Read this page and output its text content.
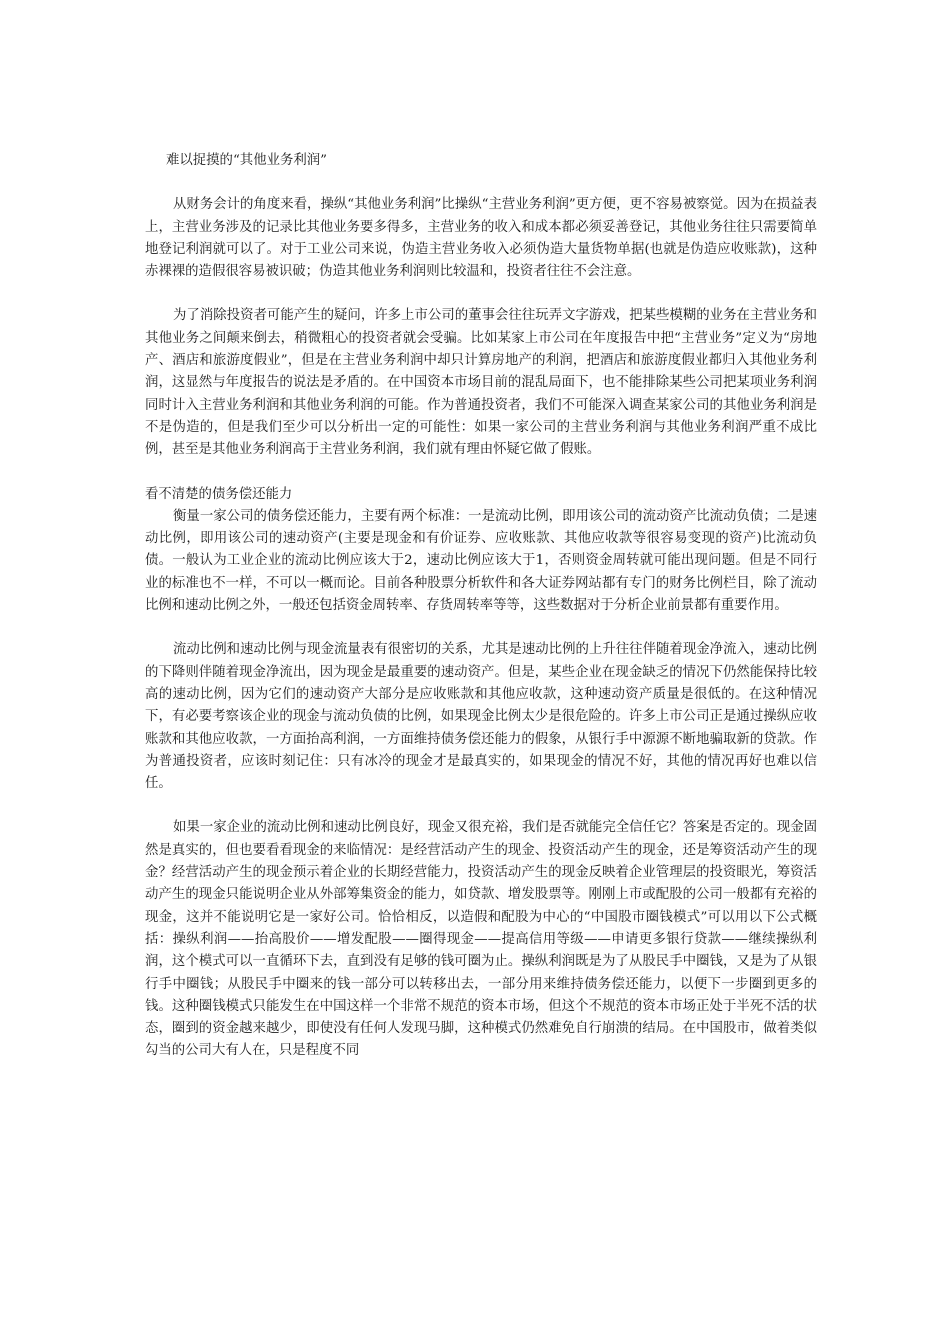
难以捉摸的“其他业务利润”

从财务会计的角度来看，操纵“其他业务利润”比操纵“主营业务利润”更方便，更不容易被察觉。因为在损益表上，主营业务涉及的记录比其他业务要多得多，主营业务的收入和成本都必须妥善登记，其他业务往往只需要简单地登记利润就可以了。对于工业公司来说，伪造主营业务收入必须伪造大量货物单据(也就是伪造应收账款)，这种赤裸裸的造假很容易被识破；伪造其他业务利润则比较温和，投资者往往不会注意。

为了消除投资者可能产生的疑问，许多上市公司的董事会往往玩弄文字游戏，把某些模糊的业务在主营业务和其他业务之间颠来倒去，稍微粗心的投资者就会受骗。比如某家上市公司在年度报告中把“主营业务”定义为“房地产、酒店和旅游度假业”，但是在主营业务利润中却只计算房地产的利润，把酒店和旅游度假业都归入其他业务利润，这显然与年度报告的说法是矛盾的。在中国资本市场目前的混乱局面下，也不能排除某些公司把某项业务利润同时计入主营业务利润和其他业务利润的可能。作为普通投资者，我们不可能深入调查某家公司的其他业务利润是不是伪造的，但是我们至少可以分析出一定的可能性：如果一家公司的主营业务利润与其他业务利润严重不成比例，甚至是其他业务利润高于主营业务利润，我们就有理由怀疑它做了假账。

看不清楚的债务偿还能力

衡量一家公司的债务偿还能力，主要有两个标准：一是流动比例，即用该公司的流动资产比流动负债；二是速动比例，即用该公司的速动资产(主要是现金和有价证券、应收账款、其他应收款等很容易变现的资产)比流动负债。一般认为工业企业的流动比例应该大于2，速动比例应该大于1，否则资金周转就可能出现问题。但是不同行业的标准也不一样，不可以一概而论。目前各种股票分析软件和各大证券网站都有专门的财务比例栏目，除了流动比例和速动比例之外，一般还包括资金周转率、存货周转率等等，这些数据对于分析企业前景都有重要作用。

流动比例和速动比例与现金流量表有很密切的关系，尤其是速动比例的上升往往伴随着现金净流入，速动比例的下降则伴随着现金净流出，因为现金是最重要的速动资产。但是，某些企业在现金缺乏的情况下仍然能保持比较高的速动比例，因为它们的速动资产大部分是应收账款和其他应收款，这种速动资产质量是很低的。在这种情况下，有必要考察该企业的现金与流动负债的比例，如果现金比例太少是很危险的。许多上市公司正是通过操纵应收账款和其他应收款，一方面抬高利润，一方面维持债务偿还能力的假象，从银行手中源源不断地骗取新的贷款。作为普通投资者，应该时刻记住：只有冰冷的现金才是最真实的，如果现金的情况不好，其他的情况再好也难以信任。

如果一家企业的流动比例和速动比例良好，现金又很充裕，我们是否就能完全信任它？答案是否定的。现金固然是真实的，但也要看看现金的来临情况：是经营活动产生的现金、投资活动产生的现金，还是筹资活动产生的现金？经营活动产生的现金预示着企业的长期经营能力，投资活动产生的现金反映着企业管理层的投资眼光，筹资活动产生的现金只能说明企业从外部筹集资金的能力，如贷款、增发股票等。刚刚上市或配股的公司一般都有充裕的现金，这并不能说明它是一家好公司。恰恰相反，以造假和配股为中心的“中国股市圈钱模式”可以用以下公式概括：操纵利润——抬高股价——增发配股——圈得现金——提高信用等级——申请更多银行贷款——继续操纵利润，这个模式可以一直循环下去，直到没有足够的钱可圈为止。操纵利润既是为了从股民手中圈钱，又是为了从银行手中圈钱；从股民手中圈来的钱一部分可以转移出去，一部分用来维持债务偿还能力，以便下一步圈到更多的钱。这种圈钱模式只能发生在中国这样一个非常不规范的资本市场，但这个不规范的资本市场正处于半死不活的状态，圈到的资金越来越少，即使没有任何人发现马脚，这种模式仍然难免自行崩溃的结局。在中国股市，做着类似勾当的公司大有人在，只是程度不同
